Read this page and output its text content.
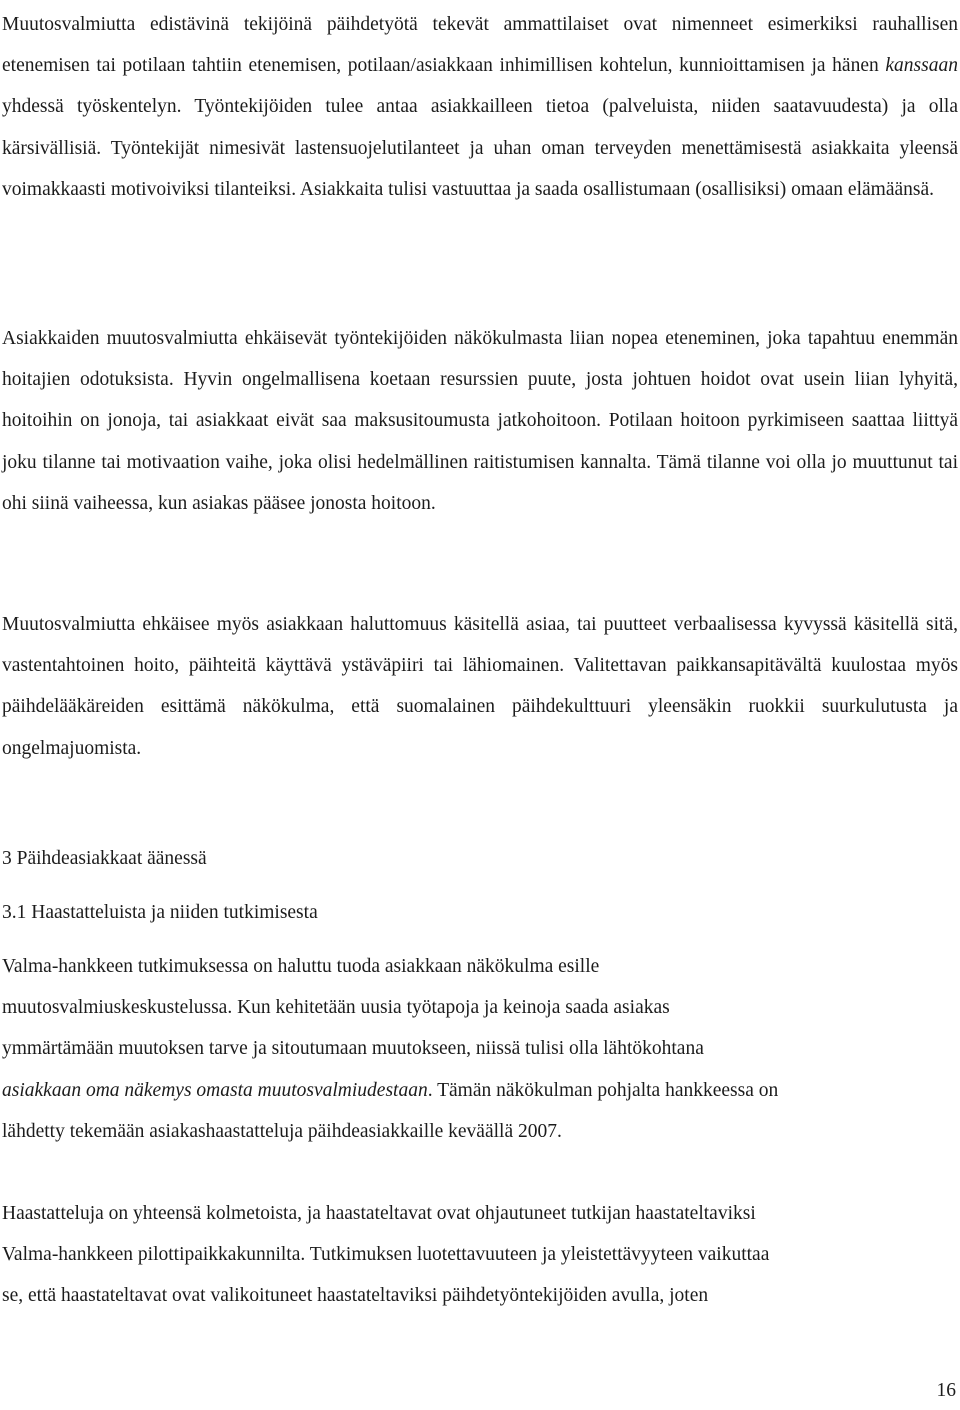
Muutosvalmiutta edistävinä tekijöinä päihdetyötä tekevät ammattilaiset ovat nimenneet esimerkiksi rauhallisen etenemisen tai potilaan tahtiin etenemisen, potilaan/asiakkaan inhimillisen kohtelun, kunnioittamisen ja hänen kanssaan yhdessä työskentelyn. Työntekijöiden tulee antaa asiakkailleen tietoa (palveluista, niiden saatavuudesta) ja olla kärsivällisiä. Työntekijät nimesivät lastensuojelutilanteet ja uhan oman terveyden menettämisestä asiakkaita yleensä voimakkaasti motivoiviksi tilanteiksi. Asiakkaita tulisi vastuuttaa ja saada osallistumaan (osallisiksi) omaan elämäänsä.
Asiakkaiden muutosvalmiutta ehkäisevät työntekijöiden näkökulmasta liian nopea eteneminen, joka tapahtuu enemmän hoitajien odotuksista. Hyvin ongelmallisena koetaan resurssien puute, josta johtuen hoidot ovat usein liian lyhyitä, hoitoihin on jonoja, tai asiakkaat eivät saa maksusitoumusta jatkohoitoon. Potilaan hoitoon pyrkimiseen saattaa liittyä joku tilanne tai motivaation vaihe, joka olisi hedelmällinen raitistumisen kannalta. Tämä tilanne voi olla jo muuttunut tai ohi siinä vaiheessa, kun asiakas pääsee jonosta hoitoon.
Muutosvalmiutta ehkäisee myös asiakkaan haluttomuus käsitellä asiaa, tai puutteet verbaalisessa kyvyssä käsitellä sitä, vastentahtoinen hoito, päihteitä käyttävä ystäväpiiri tai lähiomainen. Valitettavan paikkansapitävältä kuulostaa myös päihdelääkäreiden esittämä näkökulma, että suomalainen päihdekulttuuri yleensäkin ruokkii suurkulutusta ja ongelmajuomista.
3 Päihdeasiakkaat äänessä
3.1 Haastatteluista ja niiden tutkimisesta
Valma-hankkeen tutkimuksessa on haluttu tuoda asiakkaan näkökulma esille
muutosvalmiuskeskustelussa. Kun kehitetään uusia työtapoja ja keinoja saada asiakas
ymmärtämään muutoksen tarve ja sitoutumaan muutokseen, niissä tulisi olla lähtökohtana
asiakkaan oma näkemys omasta muutosvalmiudestaan. Tämän näkökulman pohjalta hankkeessa on
lähdetty tekemään asiakashaastatteluja päihdeasiakkaille keväällä 2007.
Haastatteluja on yhteensä kolmetoista, ja haastateltavat ovat ohjautuneet tutkijan haastateltaviksi
Valma-hankkeen pilottipaikkakunnilta. Tutkimuksen luotettavuuteen ja yleistettävyyteen vaikuttaa
se, että haastateltavat ovat valikoituneet haastateltaviksi päihdetyöntekijöiden avulla, joten
16
